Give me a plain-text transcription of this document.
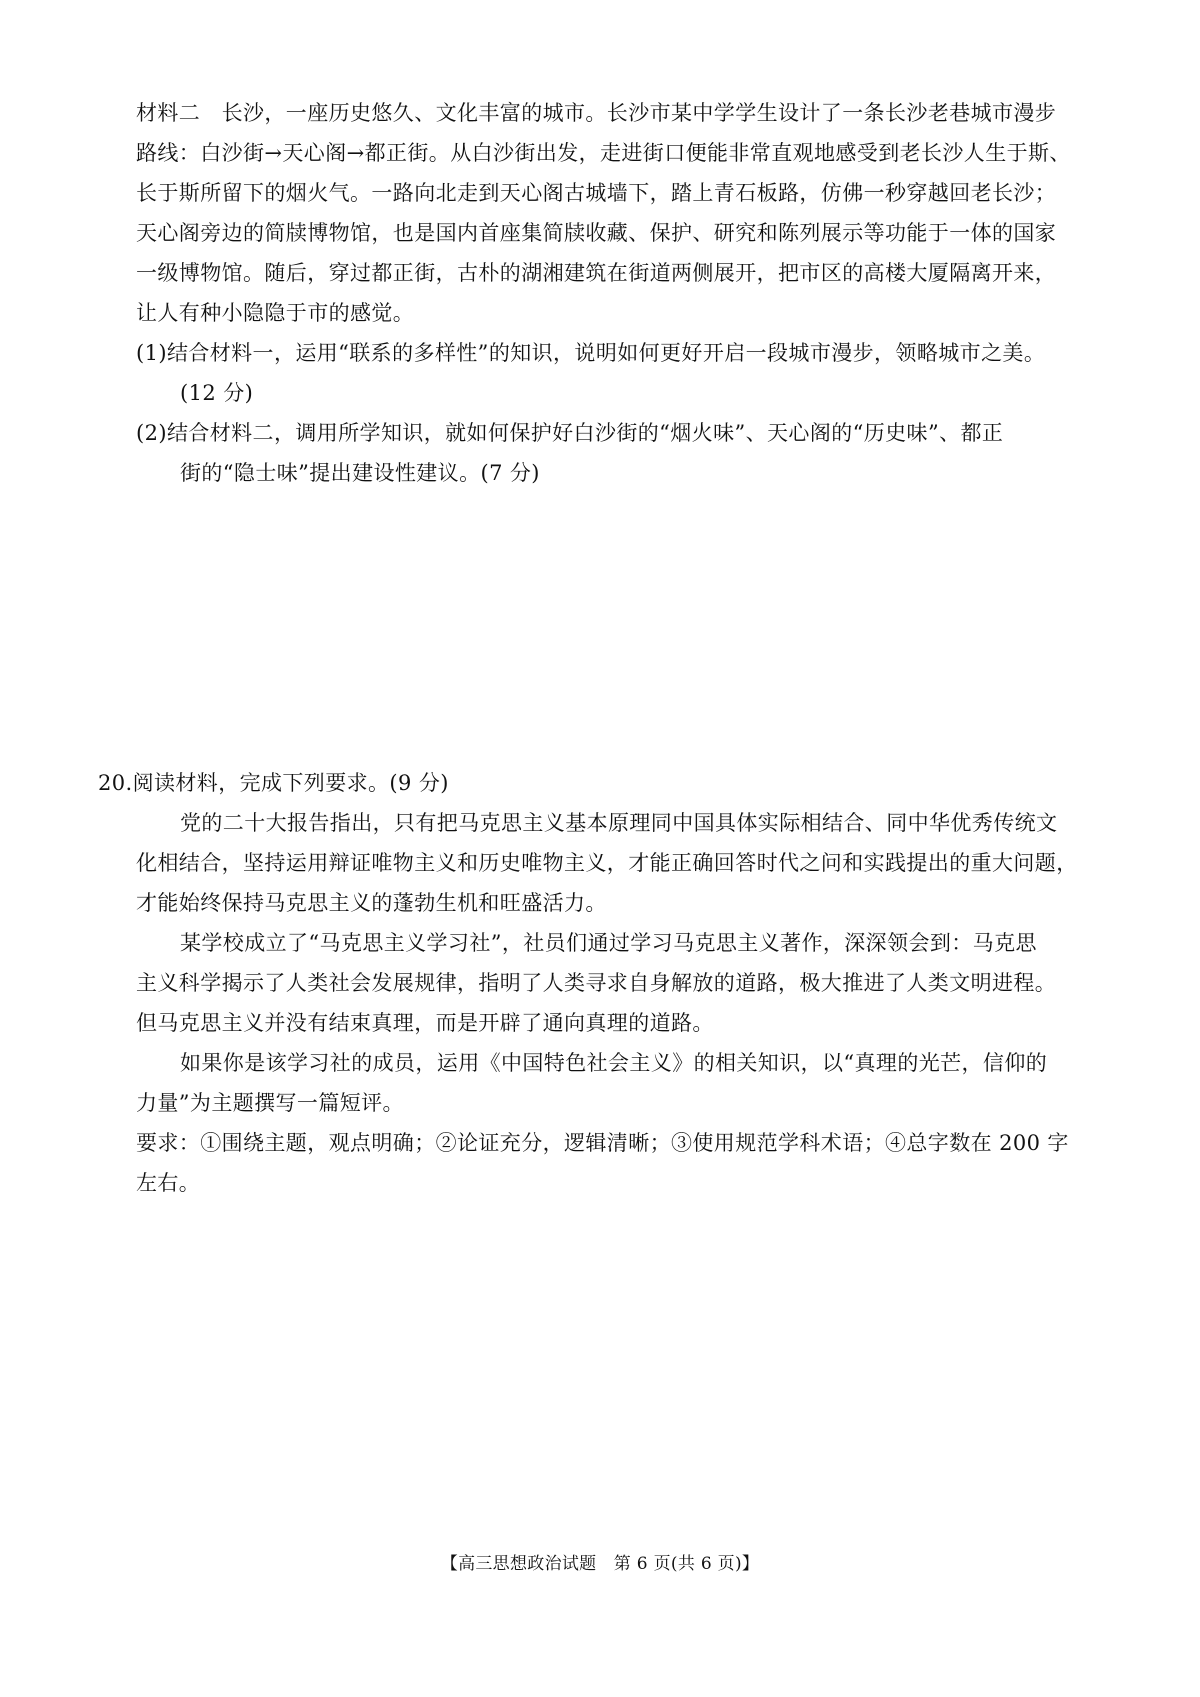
材料二　长沙，一座历史悠久、文化丰富的城市。长沙市某中学学生设计了一条长沙老巷城市漫步
路线：白沙街→天心阁→都正街。从白沙街出发，走进街口便能非常直观地感受到老长沙人生于斯、
长于斯所留下的烟火气。一路向北走到天心阁古城墙下，踏上青石板路，仿佛一秒穿越回老长沙；
天心阁旁边的简牍博物馆，也是国内首座集简牍收藏、保护、研究和陈列展示等功能于一体的国家
一级博物馆。随后，穿过都正街，古朴的湖湘建筑在街道两侧展开，把市区的高楼大厦隔离开来，
让人有种小隐隐于市的感觉。
(1)结合材料一，运用“联系的多样性”的知识，说明如何更好开启一段城市漫步，领略城市之美。
(12 分)
(2)结合材料二，调用所学知识，就如何保护好白沙街的“烟火味”、天心阁的“历史味”、都正
街的“隐士味”提出建设性建议。(7 分)
20.阅读材料，完成下列要求。(9 分)
党的二十大报告指出，只有把马克思主义基本原理同中国具体实际相结合、同中华优秀传统文
化相结合，坚持运用辩证唯物主义和历史唯物主义，才能正确回答时代之问和实践提出的重大问题，
才能始终保持马克思主义的蓬勃生机和旺盛活力。
某学校成立了“马克思主义学习社”，社员们通过学习马克思主义著作，深深领会到：马克思
主义科学揭示了人类社会发展规律，指明了人类寻求自身解放的道路，极大推进了人类文明进程。
但马克思主义并没有结束真理，而是开辟了通向真理的道路。
如果你是该学习社的成员，运用《中国特色社会主义》的相关知识，以“真理的光芒，信仰的
力量”为主题撰写一篇短评。
要求：①围绕主题，观点明确；②论证充分，逻辑清晰；③使用规范学科术语；④总字数在 200 字
左右。
【高三思想政治试题　第 6 页(共 6 页)】
